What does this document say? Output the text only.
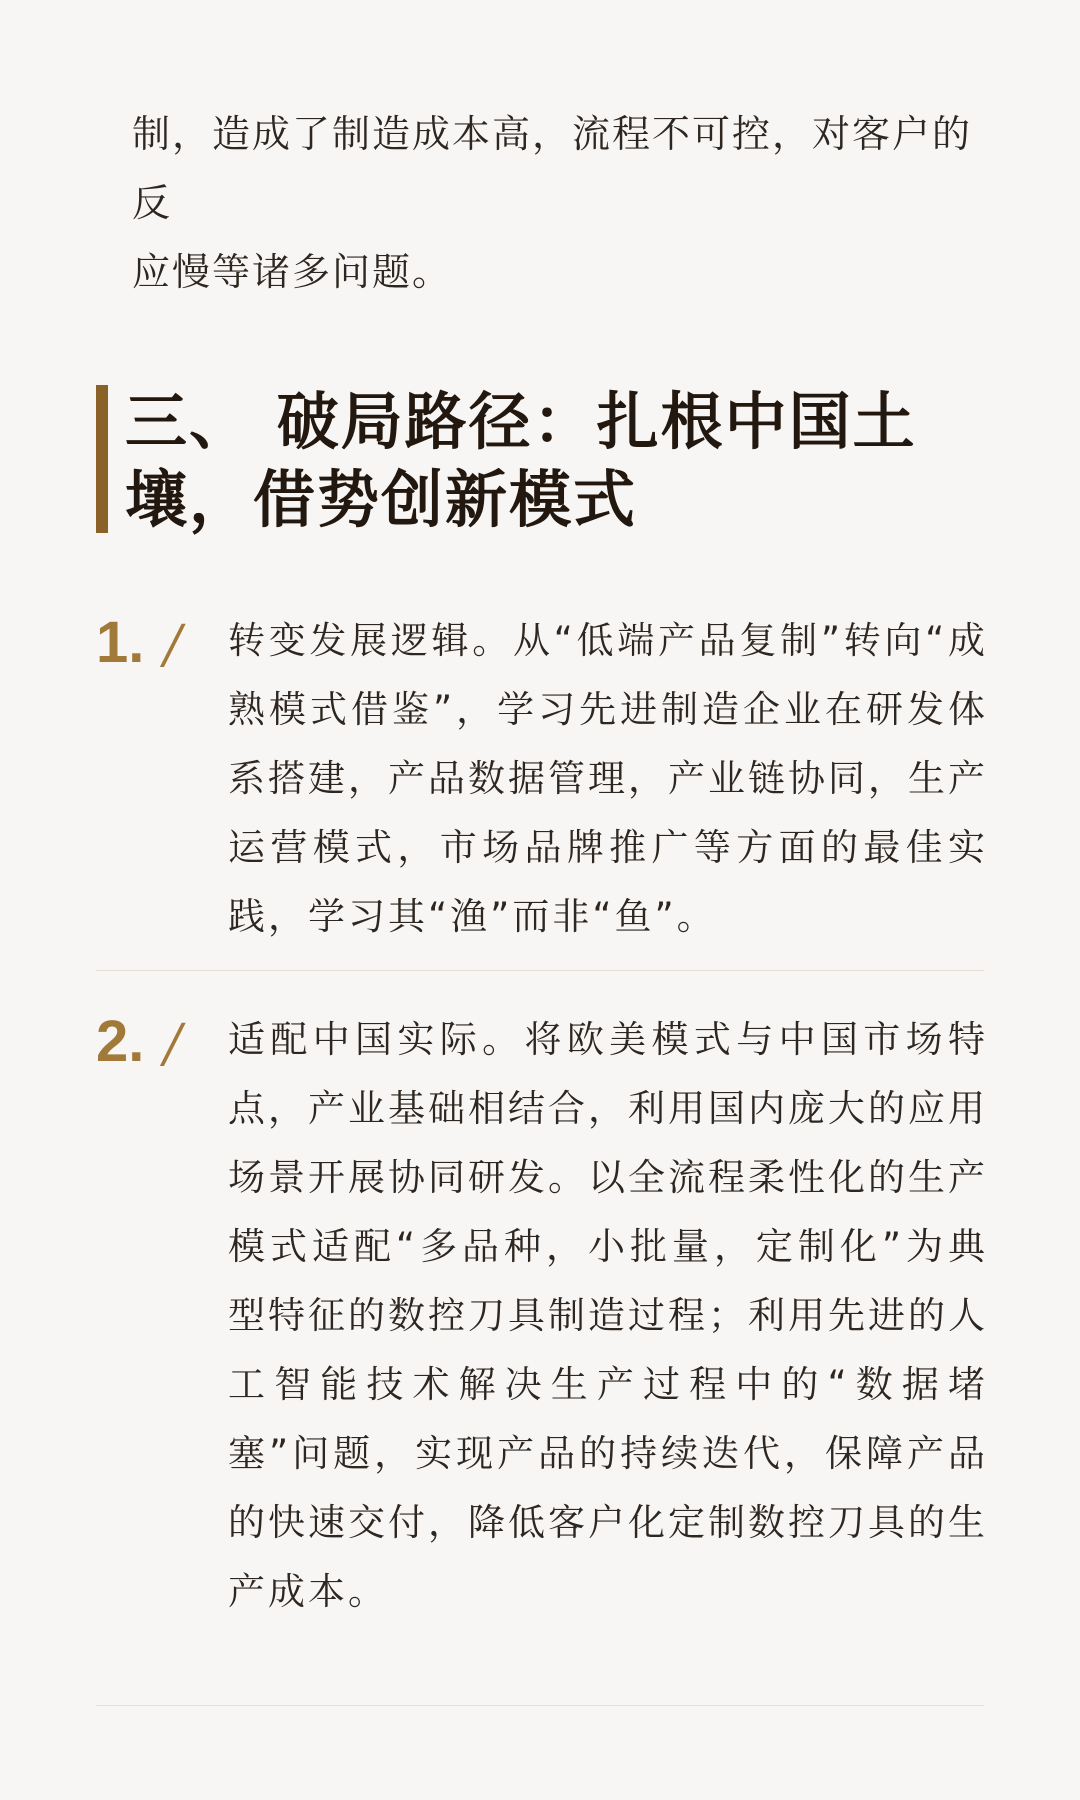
制，造成了制造成本高，流程不可控，对客户的反

应慢等诸多问题。

三、 破局路径：扎根中国土壤，借势创新模式
1. / 转变发展逻辑。从“低端产品复制”转向“成熟模式借鉴”，学习先进制造企业在研发体系搭建，产品数据管理，产业链协同，生产运营模式，市场品牌推广等方面的最佳实践，学习其“渔”而非“鱼”。

2. / 适配中国实际。将欧美模式与中国市场特点，产业基础相结合，利用国内庞大的应用场景开展协同研发。以全流程柔性化的生产模式适配“多品种，小批量，定制化”为典型特征的数控刀具制造过程；利用先进的人工智能技术解决生产过程中的“数据堵塞”问题，实现产品的持续迭代，保障产品的快速交付，降低客户化定制数控刀具的生产成本。
